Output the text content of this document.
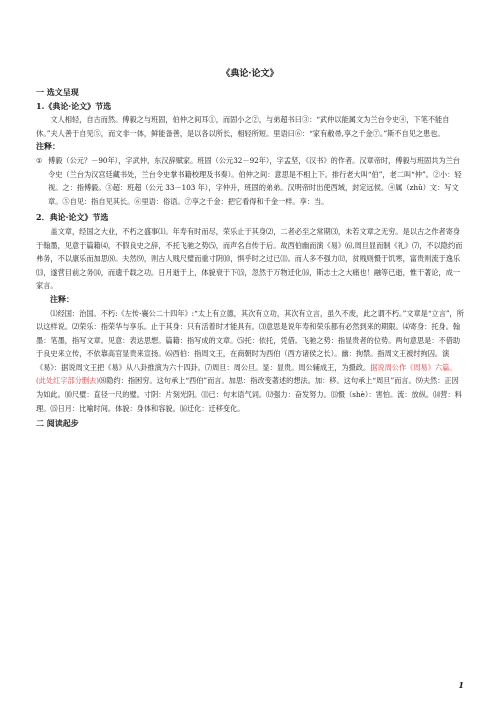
《典论·论文》
一 选文呈现
1.《典论·论文》节选

文人相轻，自古而然。傅毅之与班固，伯仲之间耳①，而固小之②，与弟超书曰③：“武仲以能属文为兰台令史④，下笔不能自休。”夫人善于自见⑤，而文非一体，鲜能备善，是以各以所长，相轻所短。里语曰⑥：“家有敝帚,享之千金⑦。”斯不自见之患也。

注释：
① 傅毅（公元？－90年），字武仲，东汉辞赋家。班固（公元32－92年），字孟坚，《汉书》的作者。汉章帝时，傅毅与班固共为兰台令史（兰台为汉宫廷藏书处，兰台令史掌书籍校理及书奏）。伯仲之间：意思是不相上下。排行老大叫“伯”，老二叫“仲”。②小：轻视。之：指傅毅。③超：班超（公元 33－103 年），字仲升，班固的弟弟。汉明帝时出使西域，封定远侯。④属（zhǔ）文：写文章。⑤自见：指自见其长。⑥里语：俗语。⑦享之千金：把它看得和千金一样。享：当。
2．典论·论文》节选

盖文章，经国之大业，不朽之盛事⑴。年寿有时而尽，荣乐止于其身⑵，二者必至之常期⑶，未若文章之无穷。是以古之作者寄身于翰墨，见意于篇籍⑷，不假良史之辞，不托飞驰之势⑸，而声名自传于后。故西伯幽而演《易》⑹,周旦显而制《礼》⑺，不以隐约而弗务，不以康乐而加思⑻。夫然⑼，则古人贱尺璧而重寸阴⑽，惧乎时之过已⑾。而人多不强力⑿，贫贱则慑于饥寒，富贵则流于逸乐⒀，遂营目前之务⒁，而遗千载之功。日月逝于上，体貌衰于下⒂，忽然于万物迁化⒃，斯志士之大痛也！融等已逝，惟干著论，成一家言。

注释：

⑴经国：治国。不朽:《左传·襄公二十四年》:“太上有立德，其次有立功，其次有立言，虽久不废，此之谓不朽。”文章是“立言”，所以这样说。⑵荣乐：指荣华与享乐。止于其身：只有活着时才能具有。⑶意思是说年寿和荣乐都有必然到来的期限。⑷寄身：托身。翰墨：笔墨，指写文章。见意：表达思想。篇籍：指写成的文章。⑸托：依托，凭借。飞驰之势：指显贵者的位势。两句意思是：不借助于良史来立传，不依靠高官显贵来宣扬。⑹西伯：指周文王，在商朝时为西伯（西方诸侯之长）。幽：拘禁。指周文王被纣拘囚。演《易》：据说周文王把《易》从八卦推演为六十四卦。⑺周旦：周公旦。显：显贵。周公辅成王，为摄政。据说周公作《周易》六篇。(此处红字部分删去)⑻隐约：指困穷。这句承上“西伯”而言。加思：指改变著述的想法。加：移。这句承上“周旦”而言。⑼夫然：正因为如此。⑽尺璧：直径一尺的璧。寸阴：片刻光阴。⑾已：句末语气词。⑿强力：奋发努力。⒀慑（shè）：害怕。流：放纵。⒁营：料理。⒂日月：比喻时间。体貌：身体和容貌。⒃迁化：迁移变化。

二 阅读起步
1
